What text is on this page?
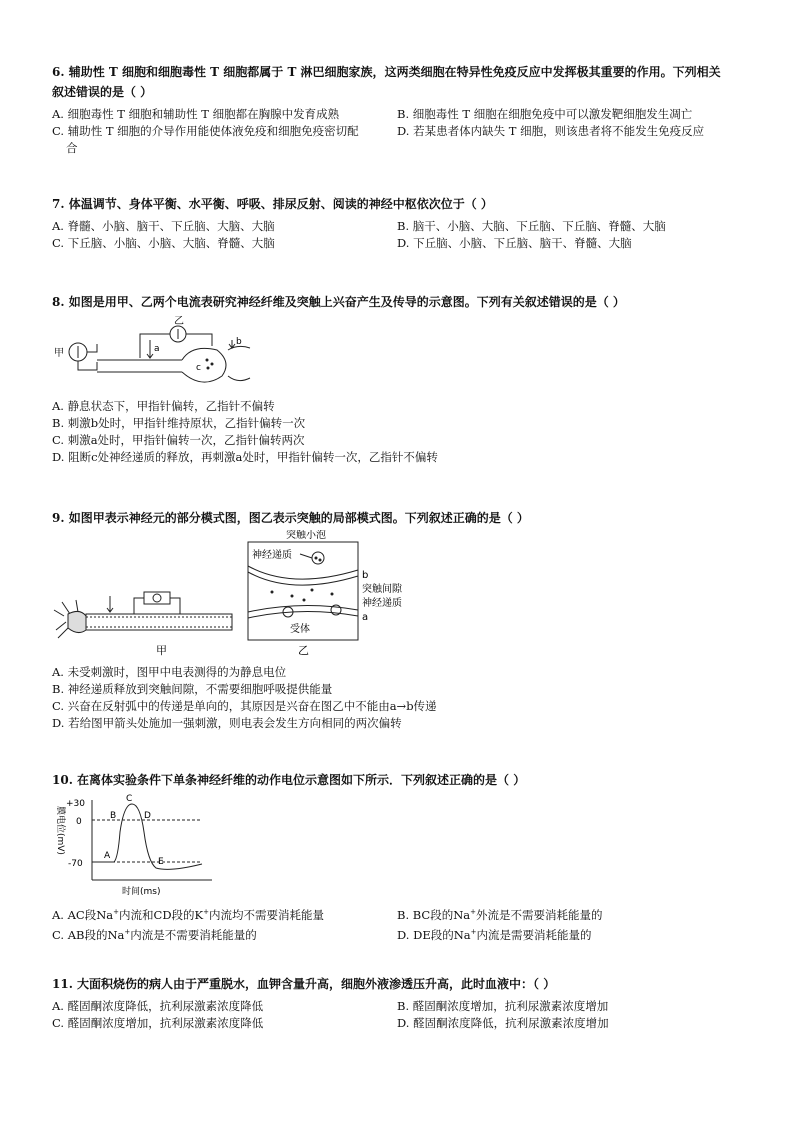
6. 辅助性 T 细胞和细胞毒性 T 细胞都属于 T 淋巴细胞家族，这两类细胞在特异性免疫反应中发挥极其重要的作用。下列相关

叙述错误的是（ ）

A. 细胞毒性 T 细胞和辅助性 T 细胞都在胸腺中发育成熟	B. 细胞毒性 T 细胞在细胞免疫中可以激发靶细胞发生凋亡

C. 辅助性 T 细胞的介导作用能使体液免疫和细胞免疫密切配

合

D. 若某患者体内缺失 T 细胞，则该患者将不能发生免疫反应

7. 体温调节、身体平衡、水平衡、呼吸、排尿反射、阅读的神经中枢依次位于（ ）

A. 脊髓、小脑、脑干、下丘脑、大脑、大脑	B. 脑干、小脑、大脑、下丘脑、下丘脑、脊髓、大脑

C. 下丘脑、小脑、小脑、大脑、脊髓、大脑	D. 下丘脑、小脑、下丘脑、脑干、脊髓、大脑

8. 如图是用甲、乙两个电流表研究神经纤维及突触上兴奋产生及传导的示意图。下列有关叙述错误的是（ ）

甲
c
乙
a
b

A. 静息状态下，甲指针偏转，乙指针不偏转

B. 刺激b处时，甲指针维持原状，乙指针偏转一次

C. 刺激a处时，甲指针偏转一次，乙指针偏转两次

D. 阻断c处神经递质的释放，再刺激a处时，甲指针偏转一次，乙指针不偏转

9. 如图甲表示神经元的部分模式图，图乙表示突触的局部模式图。下列叙述正确的是（ ）

甲
突触小泡
神经递质
b
突触间隙
神经递质
a
受体
乙

A. 未受刺激时，图甲中电表测得的为静息电位

B. 神经递质释放到突触间隙，不需要细胞呼吸提供能量

C. 兴奋在反射弧中的传递是单向的，其原因是兴奋在图乙中不能由a→b传递

D. 若给图甲箭头处施加一强刺激，则电表会发生方向相同的两次偏转

10. 在离体实验条件下单条神经纤维的动作电位示意图如下所示．下列叙述正确的是（ ）

膜电位(mV)
+30
0
-70
A
B
C
D
E
时间(ms)

A. AC段Na+内流和CD段的K+内流均不需要消耗能量	B. BC段的Na+外流是不需要消耗能量的

C. AB段的Na+内流是不需要消耗能量的	D. DE段的Na+内流是需要消耗能量的

11. 大面积烧伤的病人由于严重脱水，血钾含量升高，细胞外液渗透压升高，此时血液中：（ ）

A. 醛固酮浓度降低，抗利尿激素浓度降低	B. 醛固酮浓度增加，抗利尿激素浓度增加

C. 醛固酮浓度增加，抗利尿激素浓度降低	D. 醛固酮浓度降低，抗利尿激素浓度增加
